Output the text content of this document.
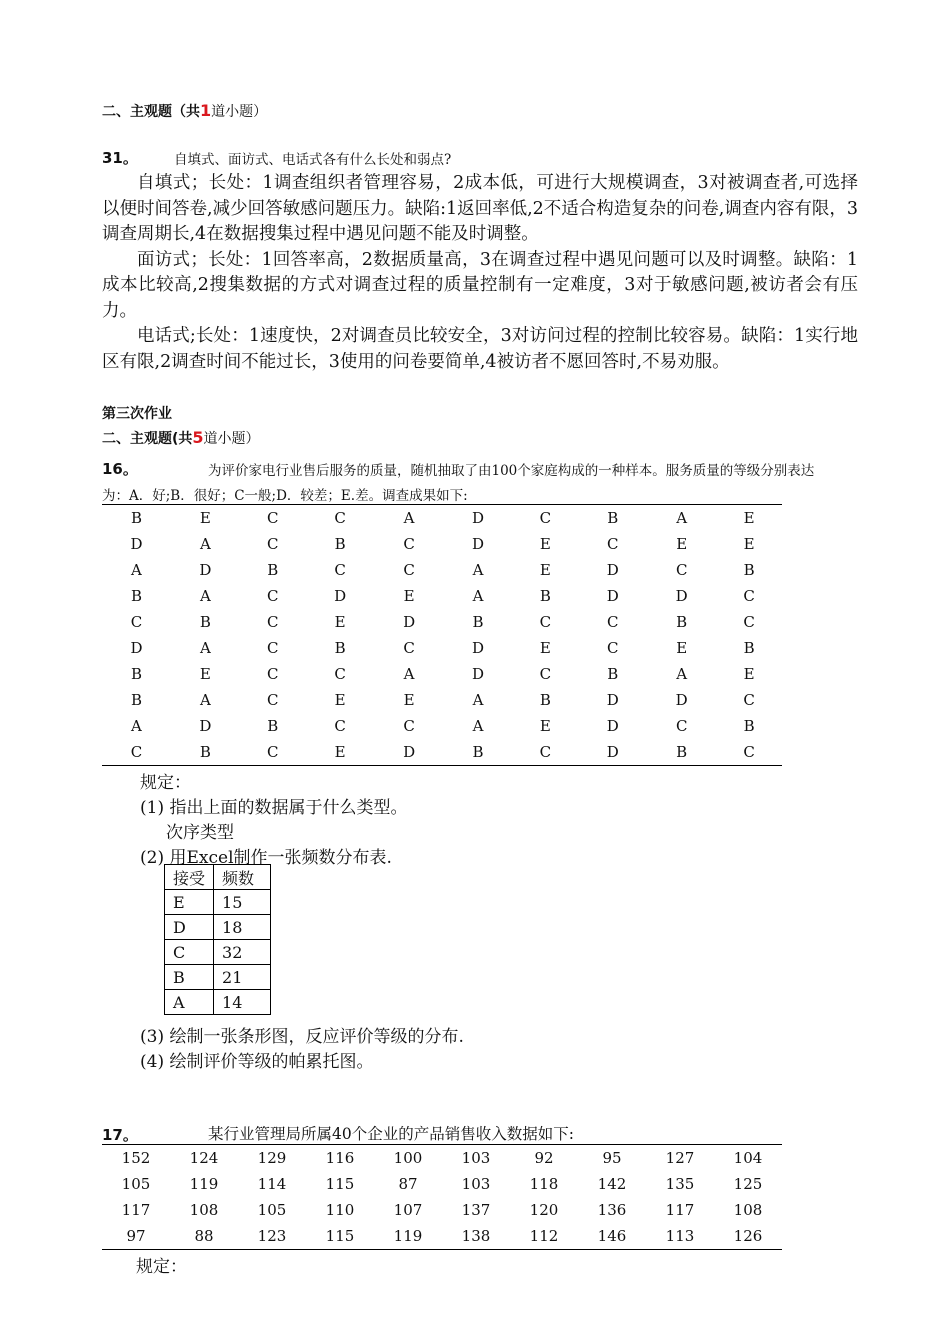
二、主观题（共1道小题）
31。	自填式、面访式、电话式各有什么长处和弱点?

自填式；长处：1调查组织者管理容易，2成本低，可进行大规模调查，3对被调查者,可选择以便时间答卷,减少回答敏感问题压力。缺陷:1返回率低,2不适合构造复杂的问卷,调查内容有限，3调查周期长,4在数据搜集过程中遇见问题不能及时调整。

面访式；长处：1回答率高，2数据质量高，3在调查过程中遇见问题可以及时调整。缺陷：1成本比较高,2搜集数据的方式对调查过程的质量控制有一定难度，3对于敏感问题,被访者会有压力。

电话式;长处：1速度快，2对调查员比较安全，3对访问过程的控制比较容易。缺陷：1实行地区有限,2调查时间不能过长，3使用的问卷要简单,4被访者不愿回答时,不易劝服。

第三次作业
二、主观题(共5道小题）
16。	为评价家电行业售后服务的质量，随机抽取了由100个家庭构成的一种样本。服务质量的等级分别表达
为：A．好;B．很好；C一般;D．较差；E.差。调查成果如下:
B	E	C	C	A	D	C	B	A	E
D	A	C	B	C	D	E	C	E	E
A	D	B	C	C	A	E	D	C	B
B	A	C	D	E	A	B	D	D	C
C	B	C	E	D	B	C	C	B	C
D	A	C	B	C	D	E	C	E	B
B	E	C	C	A	D	C	B	A	E
B	A	C	E	E	A	B	D	D	C
A	D	B	C	C	A	E	D	C	B
C	B	C	E	D	B	C	D	B	C
规定：
(1) 指出上面的数据属于什么类型。
次序类型
(2) 用Excel制作一张频数分布表.
接受	频数
E	15
D	18
C	32
B	21
A	14
(3) 绘制一张条形图，反应评价等级的分布.
(4) 绘制评价等级的帕累托图。
17。	某行业管理局所属40个企业的产品销售收入数据如下:
152	124	129	116	100	103	92	95	127	104
105	119	114	115	87	103	118	142	135	125
117	108	105	110	107	137	120	136	117	108
97	88	123	115	119	138	112	146	113	126
规定：
